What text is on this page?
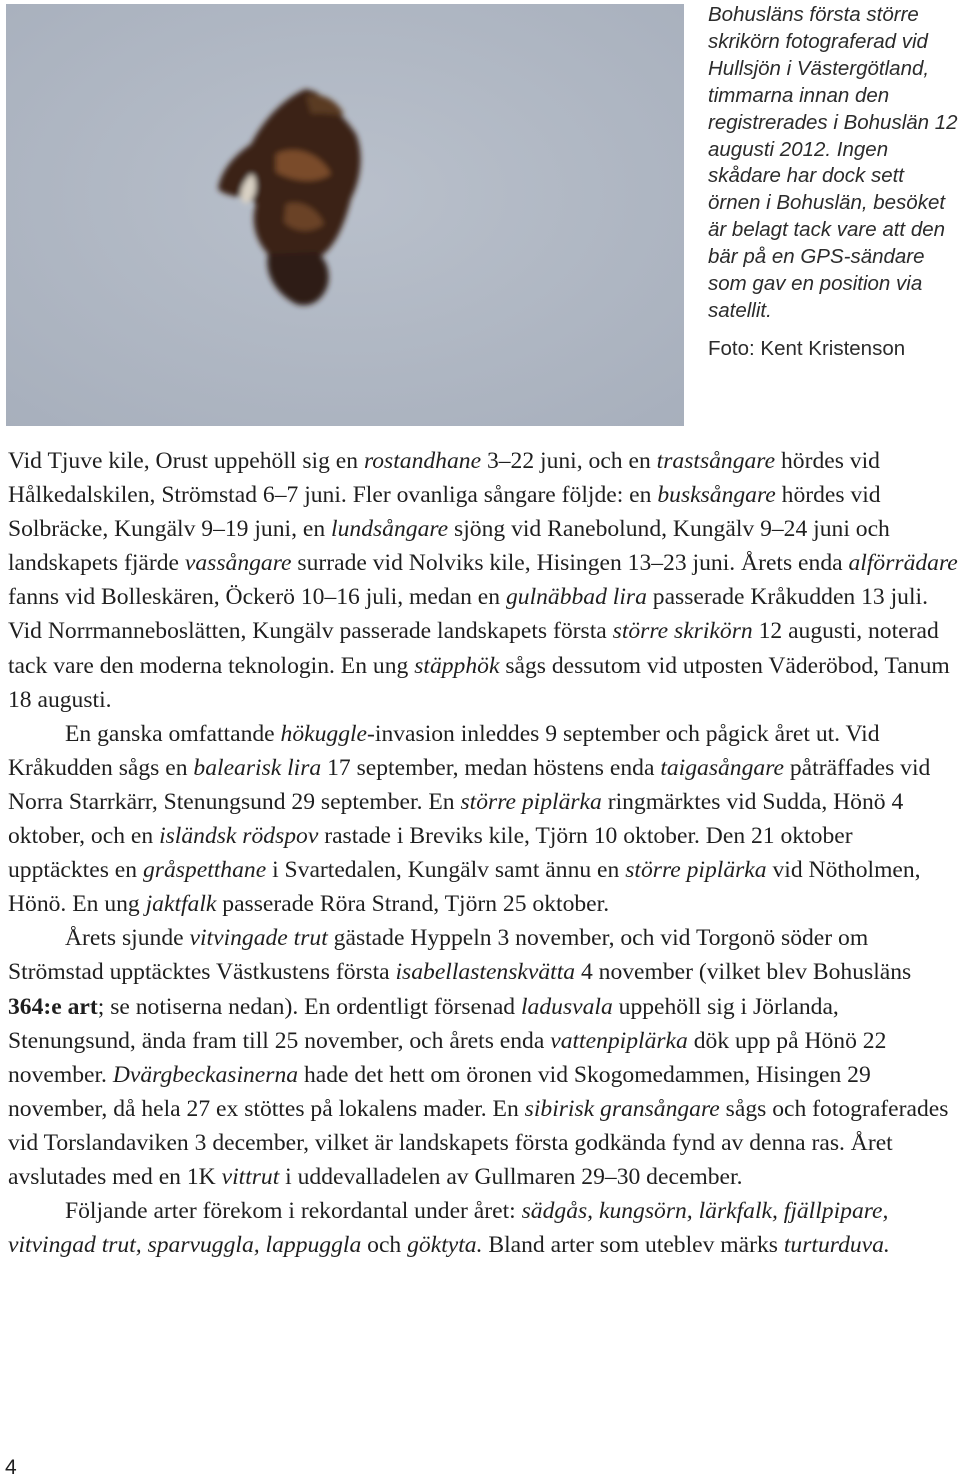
Bohusläns första större skrikörn fotograferad vid Hullsjön i Västergötland, timmarna innan den registrerades i Bohuslän 12 augusti 2012. Ingen skådare har dock sett örnen i Bohuslän, besöket är belagt tack vare att den bär på en GPS-sändare som gav en position via satellit.
Foto: Kent Kristenson

Vid Tjuve kile, Orust uppehöll sig en rostandhane 3–22 juni, och en trastsångare hördes vid Hålkedalskilen, Strömstad 6–7 juni. Fler ovanliga sångare följde: en busksångare hördes vid Solbräcke, Kungälv 9–19 juni, en lundsångare sjöng vid Ranebolund, Kungälv 9–24 juni och landskapets fjärde vassångare surrade vid Nolviks kile, Hisingen 13–23 juni. Årets enda alförrädare fanns vid Bolleskären, Öckerö 10–16 juli, medan en gulnäbbad lira passerade Kråkudden 13 juli. Vid Norrmanneboslätten, Kungälv passerade landskapets första större skrikörn 12 augusti, noterad tack vare den moderna teknologin. En ung stäpphök sågs dessutom vid utposten Väderöbod, Tanum 18 augusti.

En ganska omfattande hökuggle-invasion inleddes 9 september och pågick året ut. Vid Kråkudden sågs en balearisk lira 17 september, medan höstens enda taigasångare påträffades vid Norra Starrkärr, Stenungsund 29 september. En större piplärka ringmärktes vid Sudda, Hönö 4 oktober, och en isländsk rödspov rastade i Breviks kile, Tjörn 10 oktober. Den 21 oktober upptäcktes en gråspetthane i Svartedalen, Kungälv samt ännu en större piplärka vid Nötholmen, Hönö. En ung jaktfalk passerade Röra Strand, Tjörn 25 oktober.

Årets sjunde vitvingade trut gästade Hyppeln 3 november, och vid Torgonö söder om Strömstad upptäcktes Västkustens första isabellastenskvätta 4 november (vilket blev Bohusläns 364:e art; se notiserna nedan). En ordentligt försenad ladusvala uppehöll sig i Jörlanda, Stenungsund, ända fram till 25 november, och årets enda vattenpiplärka dök upp på Hönö 22 november. Dvärgbeckasinerna hade det hett om öronen vid Skogomedammen, Hisingen 29 november, då hela 27 ex stöttes på lokalens mader. En sibirisk gransångare sågs och fotograferades vid Torslandaviken 3 december, vilket är landskapets första godkända fynd av denna ras. Året avslutades med en 1K vittrut i uddevalladelen av Gullmaren 29–30 december.

Följande arter förekom i rekordantal under året: sädgås, kungsörn, lärkfalk, fjällpipare, vitvingad trut, sparvuggla, lappuggla och göktyta. Bland arter som uteblev märks turturduva.

4
